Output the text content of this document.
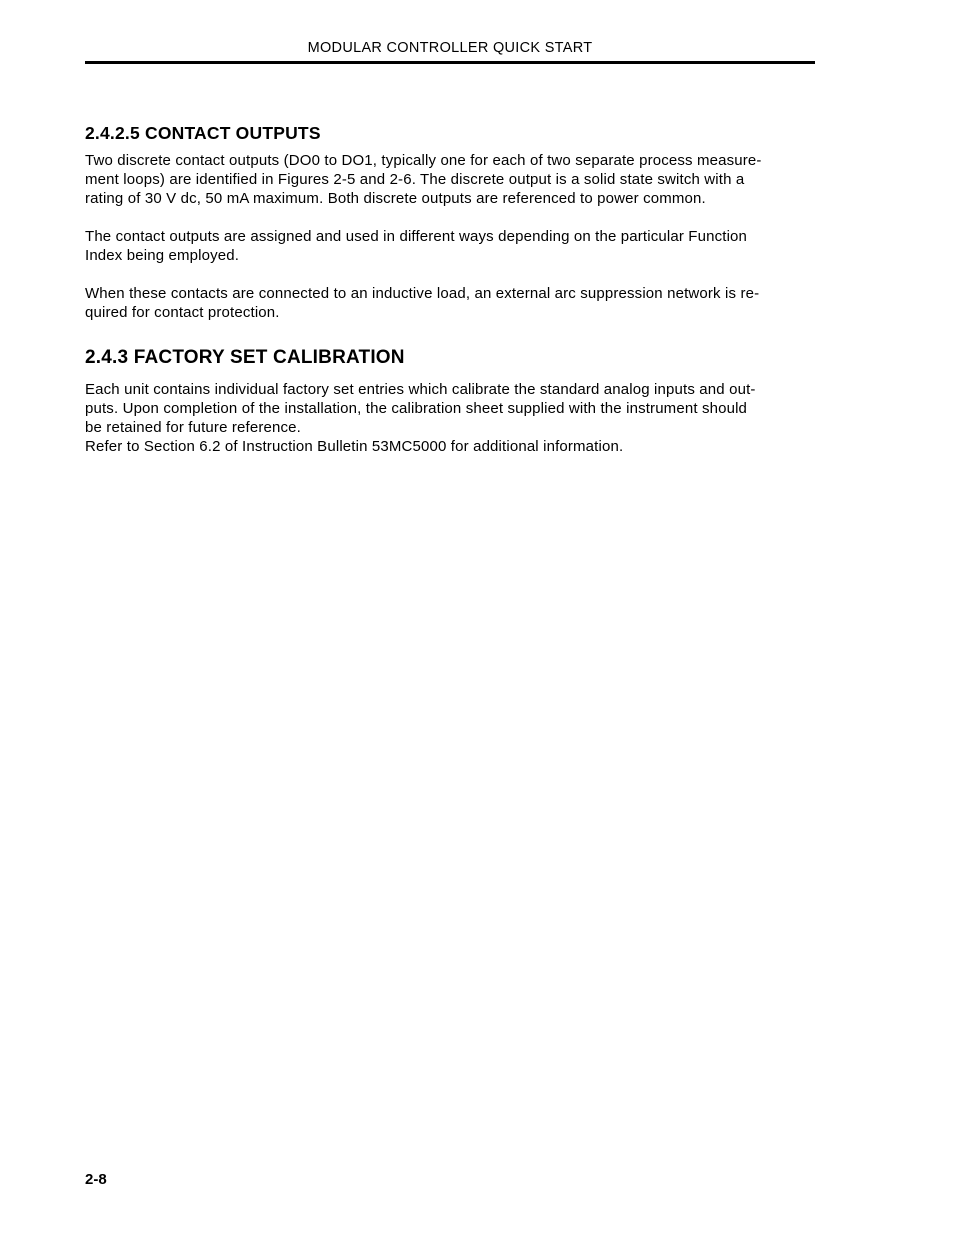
MODULAR CONTROLLER QUICK START
2.4.2.5 CONTACT OUTPUTS

Two discrete contact outputs (DO0 to DO1, typically one for each of two separate process measure-
ment loops) are identified in Figures 2-5 and 2-6. The discrete output is a solid state switch with a
rating of 30 V dc, 50 mA maximum. Both discrete outputs are referenced to power common.

The contact outputs are assigned and used in different ways depending on the particular Function
Index being employed.

When these contacts are connected to an inductive load, an external arc suppression network is re-
quired for contact protection.

2.4.3 FACTORY SET CALIBRATION

Each unit contains individual factory set entries which calibrate the standard analog inputs and out-
puts. Upon completion of the installation, the calibration sheet supplied with the instrument should
be retained for future reference.
Refer to Section 6.2 of Instruction Bulletin 53MC5000 for additional information.

2-8
